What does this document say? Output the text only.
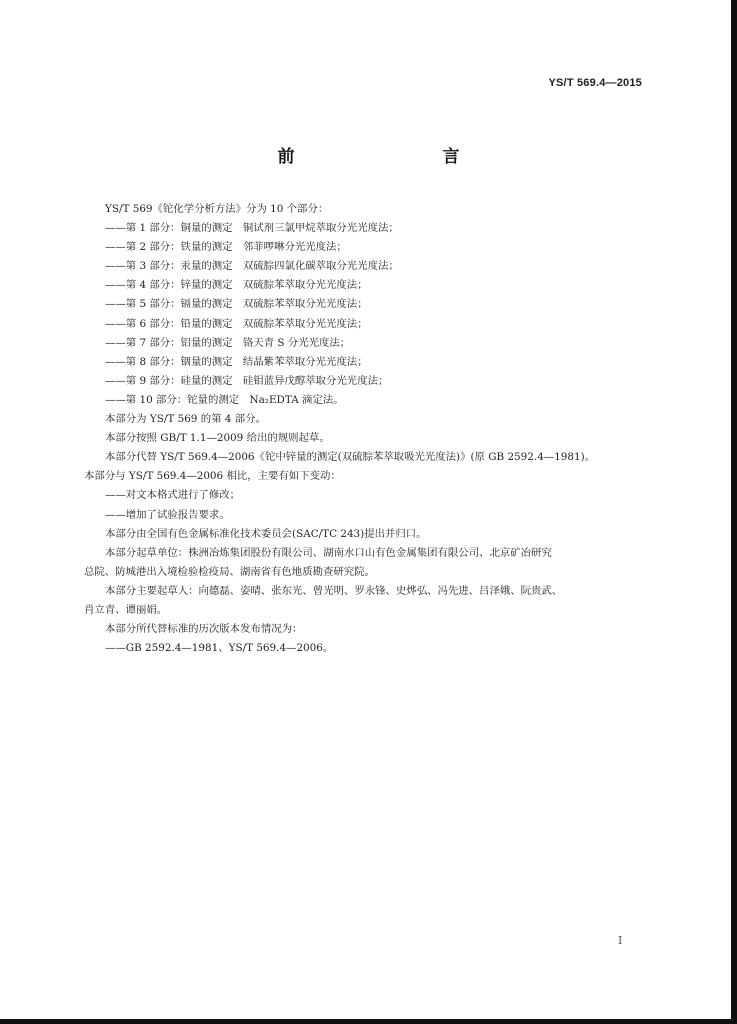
YS/T 569.4—2015
前　　言
YS/T 569《铊化学分析方法》分为 10 个部分：
——第 1 部分：铜量的测定　铜试剂三氯甲烷萃取分光光度法；
——第 2 部分：铁量的测定　邻菲啰啉分光光度法；
——第 3 部分：汞量的测定　双硫腙四氯化碳萃取分光光度法；
——第 4 部分：锌量的测定　双硫腙苯萃取分光光度法；
——第 5 部分：镉量的测定　双硫腙苯萃取分光光度法；
——第 6 部分：铅量的测定　双硫腙苯萃取分光光度法；
——第 7 部分：铝量的测定　铬天青 S 分光光度法；
——第 8 部分：铟量的测定　结晶紫苯萃取分光光度法；
——第 9 部分：硅量的测定　硅钼蓝异戊醇萃取分光光度法；
——第 10 部分：铊量的测定　Na₂EDTA 滴定法。
本部分为 YS/T 569 的第 4 部分。
本部分按照 GB/T 1.1—2009 给出的规则起草。
本部分代替 YS/T 569.4—2006《铊中锌量的测定(双硫腙苯萃取吸光光度法)》(原 GB 2592.4—1981)。
本部分与 YS/T 569.4—2006 相比，主要有如下变动：
——对文本格式进行了修改；
——增加了试验报告要求。
本部分由全国有色金属标准化技术委员会(SAC/TC 243)提出并归口。
本部分起草单位：株洲冶炼集团股份有限公司、湖南水口山有色金属集团有限公司、北京矿冶研究
总院、防城港出入境检验检疫局、湖南省有色地质勘查研究院。
本部分主要起草人：向德磊、姿晴、张东光、曾光明、罗永锋、史烨弘、冯先进、吕泽娥、阮贵武、
肖立青、谭丽娟。
本部分所代替标准的历次版本发布情况为：
——GB 2592.4—1981、YS/T 569.4—2006。
I
